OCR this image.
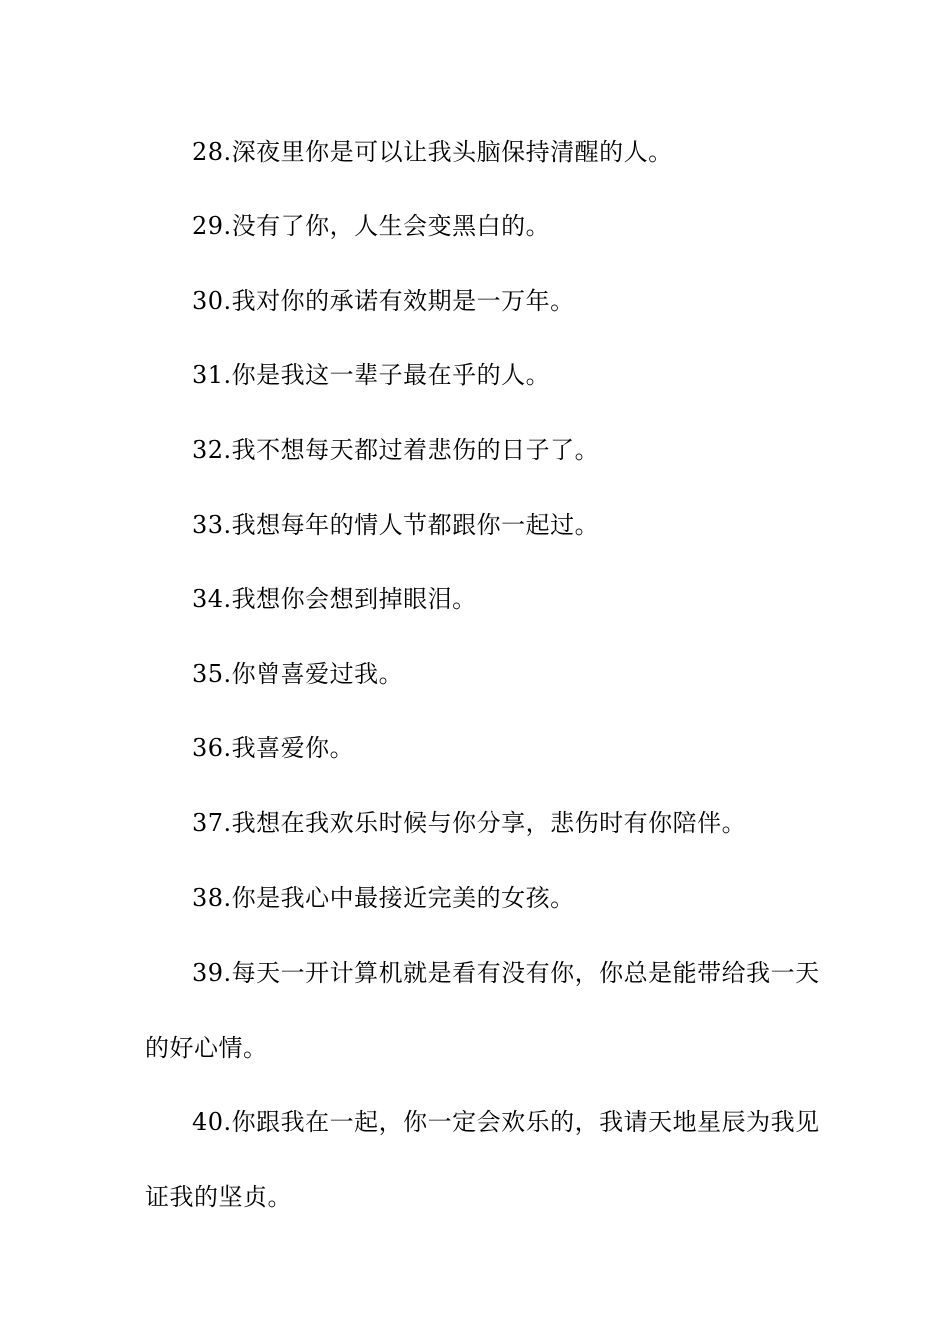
28.深夜里你是可以让我头脑保持清醒的人。
29.没有了你，人生会变黑白的。
30.我对你的承诺有效期是一万年。
31.你是我这一辈子最在乎的人。
32.我不想每天都过着悲伤的日子了。
33.我想每年的情人节都跟你一起过。
34.我想你会想到掉眼泪。
35.你曾喜爱过我。
36.我喜爱你。
37.我想在我欢乐时候与你分享，悲伤时有你陪伴。
38.你是我心中最接近完美的女孩。
39.每天一开计算机就是看有没有你，你总是能带给我一天
的好心情。
40.你跟我在一起，你一定会欢乐的，我请天地星辰为我见
证我的坚贞。
